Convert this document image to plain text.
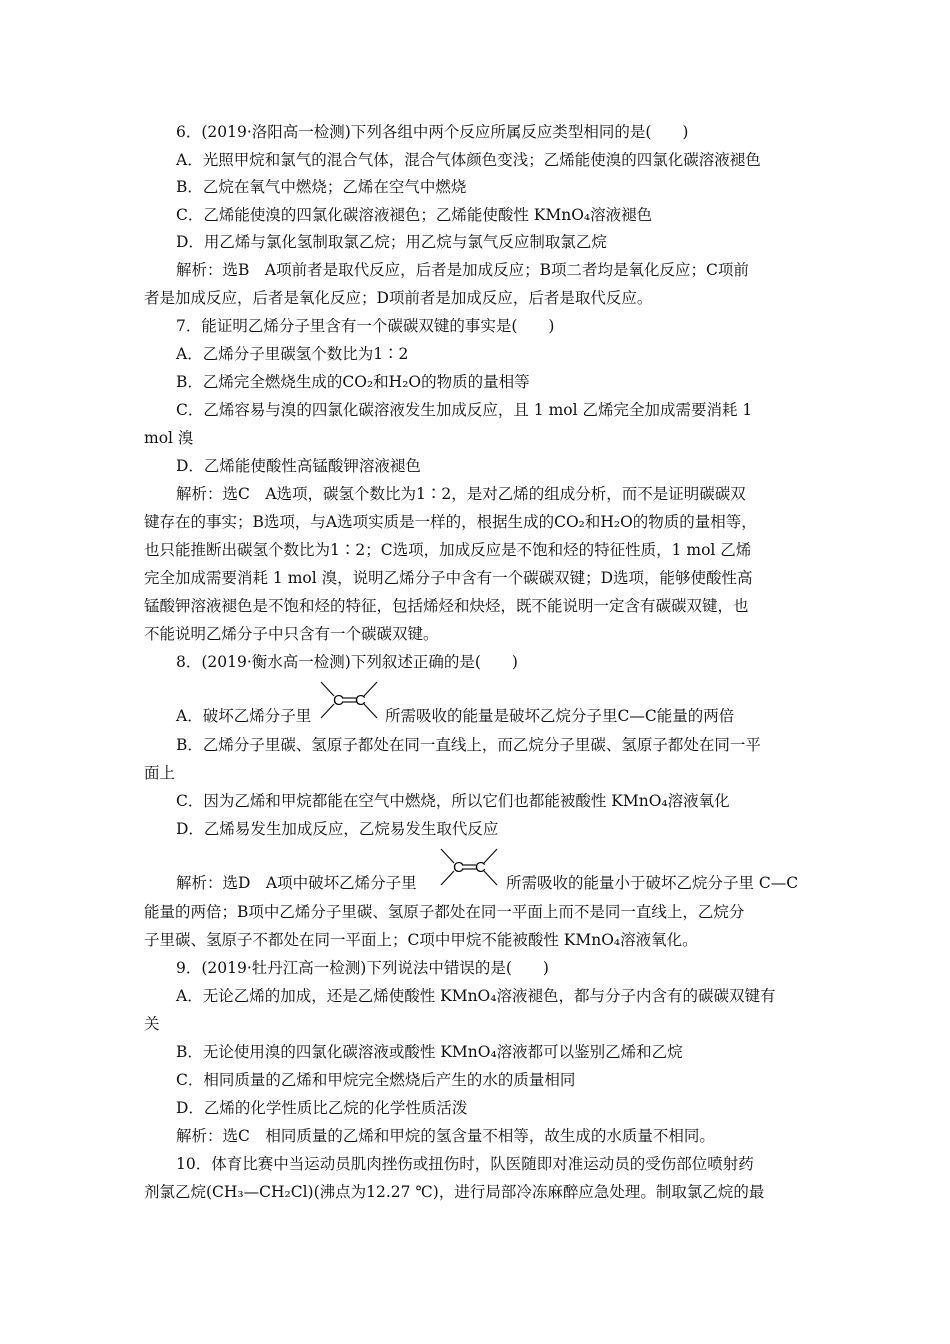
6．(2019·洛阳高一检测)下列各组中两个反应所属反应类型相同的是(　　)
A．光照甲烷和氯气的混合气体，混合气体颜色变浅；乙烯能使溴的四氯化碳溶液褪色
B．乙烷在氧气中燃烧；乙烯在空气中燃烧
C．乙烯能使溴的四氯化碳溶液褪色；乙烯能使酸性 KMnO₄溶液褪色
D．用乙烯与氯化氢制取氯乙烷；用乙烷与氯气反应制取氯乙烷
解析：选B　A项前者是取代反应，后者是加成反应；B项二者均是氧化反应；C项前
者是加成反应，后者是氧化反应；D项前者是加成反应，后者是取代反应。
7．能证明乙烯分子里含有一个碳碳双键的事实是(　　)
A．乙烯分子里碳氢个数比为1∶2
B．乙烯完全燃烧生成的CO₂和H₂O的物质的量相等
C．乙烯容易与溴的四氯化碳溶液发生加成反应，且 1 mol 乙烯完全加成需要消耗 1
mol 溴
D．乙烯能使酸性高锰酸钾溶液褪色
解析：选C　A选项，碳氢个数比为1∶2，是对乙烯的组成分析，而不是证明碳碳双
键存在的事实；B选项，与A选项实质是一样的，根据生成的CO₂和H₂O的物质的量相等，
也只能推断出碳氢个数比为1∶2；C选项，加成反应是不饱和烃的特征性质，1 mol 乙烯
完全加成需要消耗 1 mol 溴，说明乙烯分子中含有一个碳碳双键；D选项，能够使酸性高
锰酸钾溶液褪色是不饱和烃的特征，包括烯烃和炔烃，既不能说明一定含有碳碳双键，也
不能说明乙烯分子中只含有一个碳碳双键。
8．(2019·衡水高一检测)下列叙述正确的是(　　)
A．破坏乙烯分子里
C C
所需吸收的能量是破坏乙烷分子里C—C能量的两倍
B．乙烯分子里碳、氢原子都处在同一直线上，而乙烷分子里碳、氢原子都处在同一平
面上
C．因为乙烯和甲烷都能在空气中燃烧，所以它们也都能被酸性 KMnO₄溶液氧化
D．乙烯易发生加成反应，乙烷易发生取代反应
解析：选D　A项中破坏乙烯分子里
C C
所需吸收的能量小于破坏乙烷分子里 C—C
能量的两倍；B项中乙烯分子里碳、氢原子都处在同一平面上而不是同一直线上，乙烷分
子里碳、氢原子不都处在同一平面上；C项中甲烷不能被酸性 KMnO₄溶液氧化。
9．(2019·牡丹江高一检测)下列说法中错误的是(　　)
A．无论乙烯的加成，还是乙烯使酸性 KMnO₄溶液褪色，都与分子内含有的碳碳双键有
关
B．无论使用溴的四氯化碳溶液或酸性 KMnO₄溶液都可以鉴别乙烯和乙烷
C．相同质量的乙烯和甲烷完全燃烧后产生的水的质量相同
D．乙烯的化学性质比乙烷的化学性质活泼
解析：选C　相同质量的乙烯和甲烷的氢含量不相等，故生成的水质量不相同。
10．体育比赛中当运动员肌肉挫伤或扭伤时，队医随即对准运动员的受伤部位喷射药
剂氯乙烷(CH₃—CH₂Cl)(沸点为12.27 ℃)，进行局部冷冻麻醉应急处理。制取氯乙烷的最
